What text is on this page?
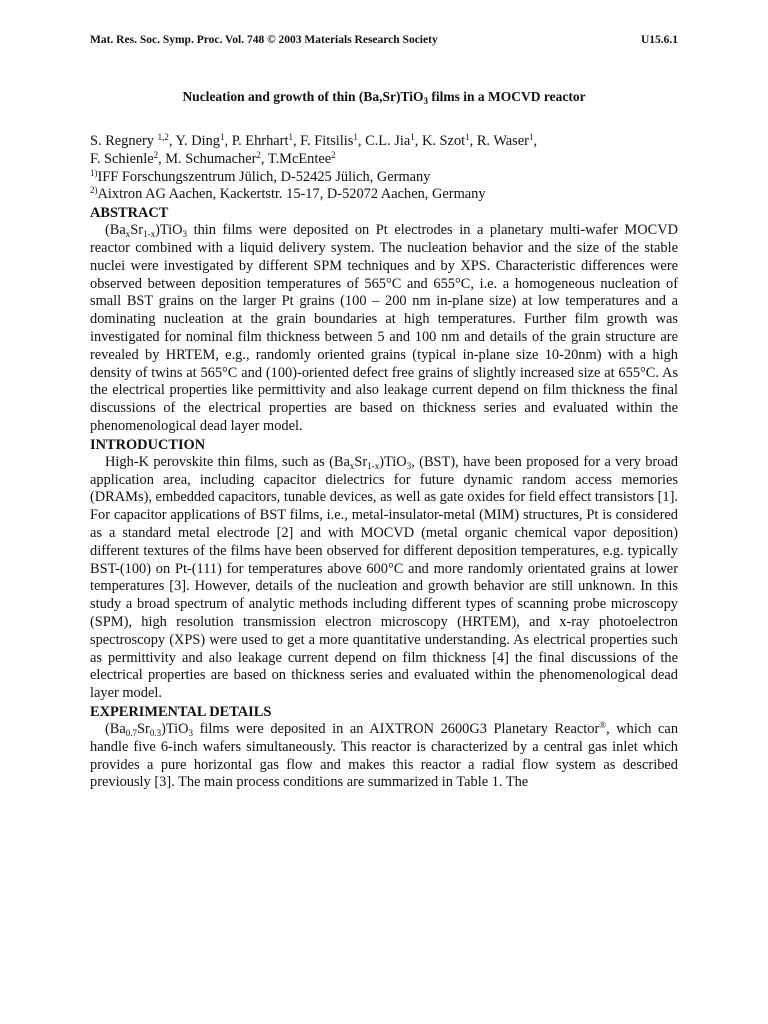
Mat. Res. Soc. Symp. Proc. Vol. 748 © 2003 Materials Research Society	U15.6.1
Nucleation and growth of thin (Ba,Sr)TiO$_3$ films in a MOCVD reactor
S. Regnery $^{1,2}$, Y. Ding$^1$, P. Ehrhart$^1$, F. Fitsilis$^1$, C.L. Jia$^1$, K. Szot$^1$, R. Waser$^1$,
F. Schienle$^2$, M. Schumacher$^2$, T.McEntee$^2$
$^{1)}$IFF Forschungszentrum Jülich, D-52425 Jülich, Germany
$^{2)}$Aixtron AG Aachen, Kackertstr. 15-17, D-52072 Aachen, Germany
ABSTRACT

$(Ba_xSr_{1-x})TiO_3$ thin films were deposited on Pt electrodes in a planetary multi-wafer MOCVD reactor combined with a liquid delivery system. The nucleation behavior and the size of the stable nuclei were investigated by different SPM techniques and by XPS. Characteristic differences were observed between deposition temperatures of 565°C and 655°C, i.e. a homogeneous nucleation of small BST grains on the larger Pt grains (100 – 200 nm in-plane size) at low temperatures and a dominating nucleation at the grain boundaries at high temperatures. Further film growth was investigated for nominal film thickness between 5 and 100 nm and details of the grain structure are revealed by HRTEM, e.g., randomly oriented grains (typical in-plane size 10-20nm) with a high density of twins at 565°C and (100)-oriented defect free grains of slightly increased size at 655°C. As the electrical properties like permittivity and also leakage current depend on film thickness the final discussions of the electrical properties are based on thickness series and evaluated within the phenomenological dead layer model.

INTRODUCTION

High-K perovskite thin films, such as $(Ba_xSr_{1-x})TiO_3$, (BST), have been proposed for a very broad application area, including capacitor dielectrics for future dynamic random access memories (DRAMs), embedded capacitors, tunable devices, as well as gate oxides for field effect transistors [1]. For capacitor applications of BST films, i.e., metal-insulator-metal (MIM) structures, Pt is considered as a standard metal electrode [2] and with MOCVD (metal organic chemical vapor deposition) different textures of the films have been observed for different deposition temperatures, e.g. typically BST-(100) on Pt-(111) for temperatures above 600°C and more randomly orientated grains at lower temperatures [3]. However, details of the nucleation and growth behavior are still unknown. In this study a broad spectrum of analytic methods including different types of scanning probe microscopy (SPM), high resolution transmission electron microscopy (HRTEM), and x-ray photoelectron spectroscopy (XPS) were used to get a more quantitative understanding. As electrical properties such as permittivity and also leakage current depend on film thickness [4] the final discussions of the electrical properties are based on thickness series and evaluated within the phenomenological dead layer model.

EXPERIMENTAL DETAILS

$(Ba_{0.7}Sr_{0.3})TiO_3$ films were deposited in an AIXTRON 2600G3 Planetary Reactor®, which can handle five 6-inch wafers simultaneously. This reactor is characterized by a central gas inlet which provides a pure horizontal gas flow and makes this reactor a radial flow system as described previously [3]. The main process conditions are summarized in Table 1. The
